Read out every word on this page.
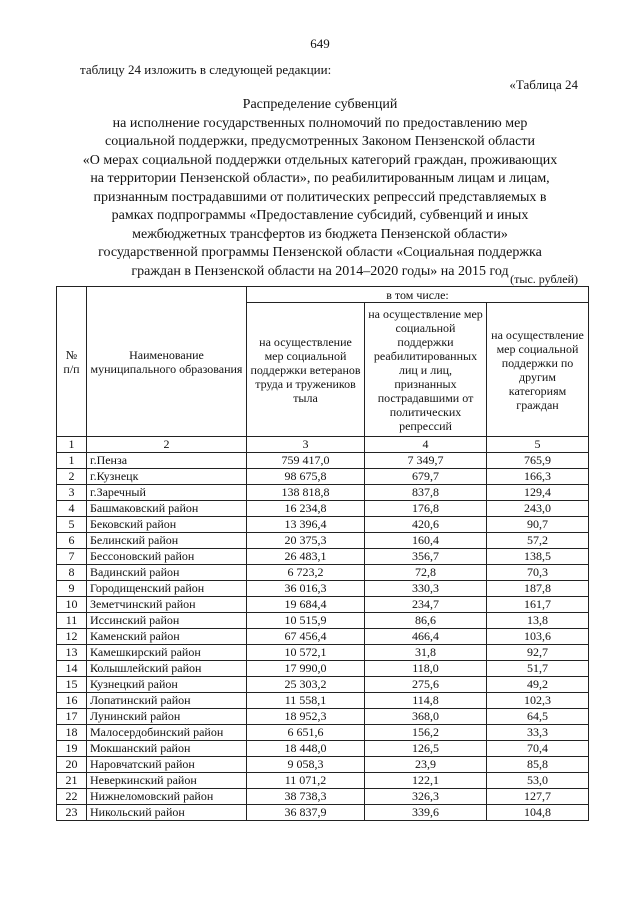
649
таблицу 24 изложить в следующей редакции:
«Таблица 24
Распределение субвенций
на исполнение государственных полномочий по предоставлению мер
социальной поддержки, предусмотренных Законом Пензенской области
«О мерах социальной поддержки отдельных категорий граждан, проживающих
на территории Пензенской области», по реабилитированным лицам и лицам,
признанным пострадавшими от политических репрессий представляемых в
рамках подпрограммы «Предоставление субсидий, субвенций и иных
межбюджетных трансфертов из бюджета Пензенской области»
государственной программы Пензенской области «Социальная поддержка
граждан в Пензенской области на 2014–2020 годы» на 2015 год
(тыс. рублей)
№ п/п	Наименование муниципального образования	в том числе:		
		на осуществление мер социальной поддержки ветеранов труда и тружеников тыла	на осуществление мер социальной поддержки реабилитированных лиц и лиц, признанных пострадавшими от политических репрессий	на осуществление мер социальной поддержки по другим категориям граждан
1	2	3	4	5
1	г.Пенза	759 417,0	7 349,7	765,9
2	г.Кузнецк	98 675,8	679,7	166,3
3	г.Заречный	138 818,8	837,8	129,4
4	Башмаковский район	16 234,8	176,8	243,0
5	Бековский район	13 396,4	420,6	90,7
6	Белинский район	20 375,3	160,4	57,2
7	Бессоновский район	26 483,1	356,7	138,5
8	Вадинский район	6 723,2	72,8	70,3
9	Городищенский район	36 016,3	330,3	187,8
10	Земетчинский район	19 684,4	234,7	161,7
11	Иссинский район	10 515,9	86,6	13,8
12	Каменский район	67 456,4	466,4	103,6
13	Камешкирский район	10 572,1	31,8	92,7
14	Колышлейский район	17 990,0	118,0	51,7
15	Кузнецкий район	25 303,2	275,6	49,2
16	Лопатинский район	11 558,1	114,8	102,3
17	Лунинский район	18 952,3	368,0	64,5
18	Малосердобинский район	6 651,6	156,2	33,3
19	Мокшанский район	18 448,0	126,5	70,4
20	Наровчатский район	9 058,3	23,9	85,8
21	Неверкинский район	11 071,2	122,1	53,0
22	Нижнеломовский район	38 738,3	326,3	127,7
23	Никольский район	36 837,9	339,6	104,8
